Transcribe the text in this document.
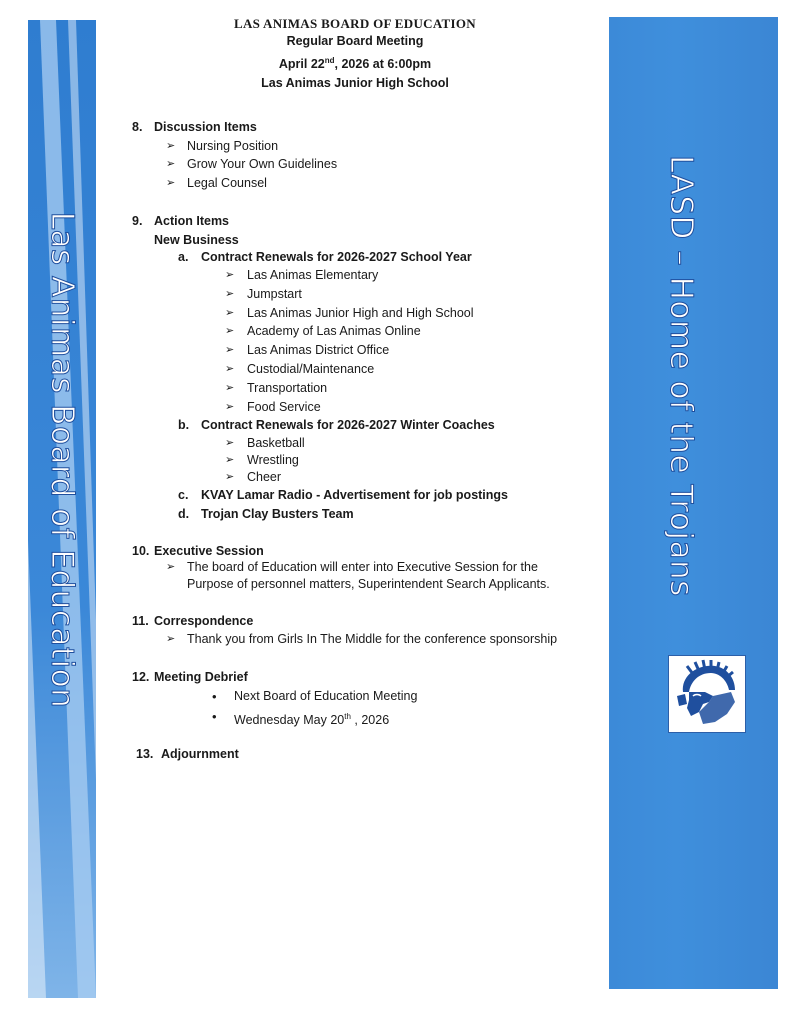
Las Animas Board of Education	LASD – Home of the Trojans
LAS ANIMAS BOARD OF EDUCATION
Regular Board Meeting
April 22nd, 2026 at 6:00pm
Las Animas Junior High School
8. Discussion Items
➢ Nursing Position
➢ Grow Your Own Guidelines
➢ Legal Counsel
9. Action Items
New Business
a. Contract Renewals for 2026-2027 School Year
➢ Las Animas Elementary
➢ Jumpstart
➢ Las Animas Junior High and High School
➢ Academy of Las Animas Online
➢ Las Animas District Office
➢ Custodial/Maintenance
➢ Transportation
➢ Food Service
b. Contract Renewals for 2026-2027 Winter Coaches
➢ Basketball
➢ Wrestling
➢ Cheer
c. KVAY Lamar Radio - Advertisement for job postings
d. Trojan Clay Busters Team
10. Executive Session
➢ The board of Education will enter into Executive Session for the
Purpose of personnel matters, Superintendent Search Applicants.
11. Correspondence
➢ Thank you from Girls In The Middle for the conference sponsorship
12. Meeting Debrief
• Next Board of Education Meeting
• Wednesday May 20th , 2026
13. Adjournment
